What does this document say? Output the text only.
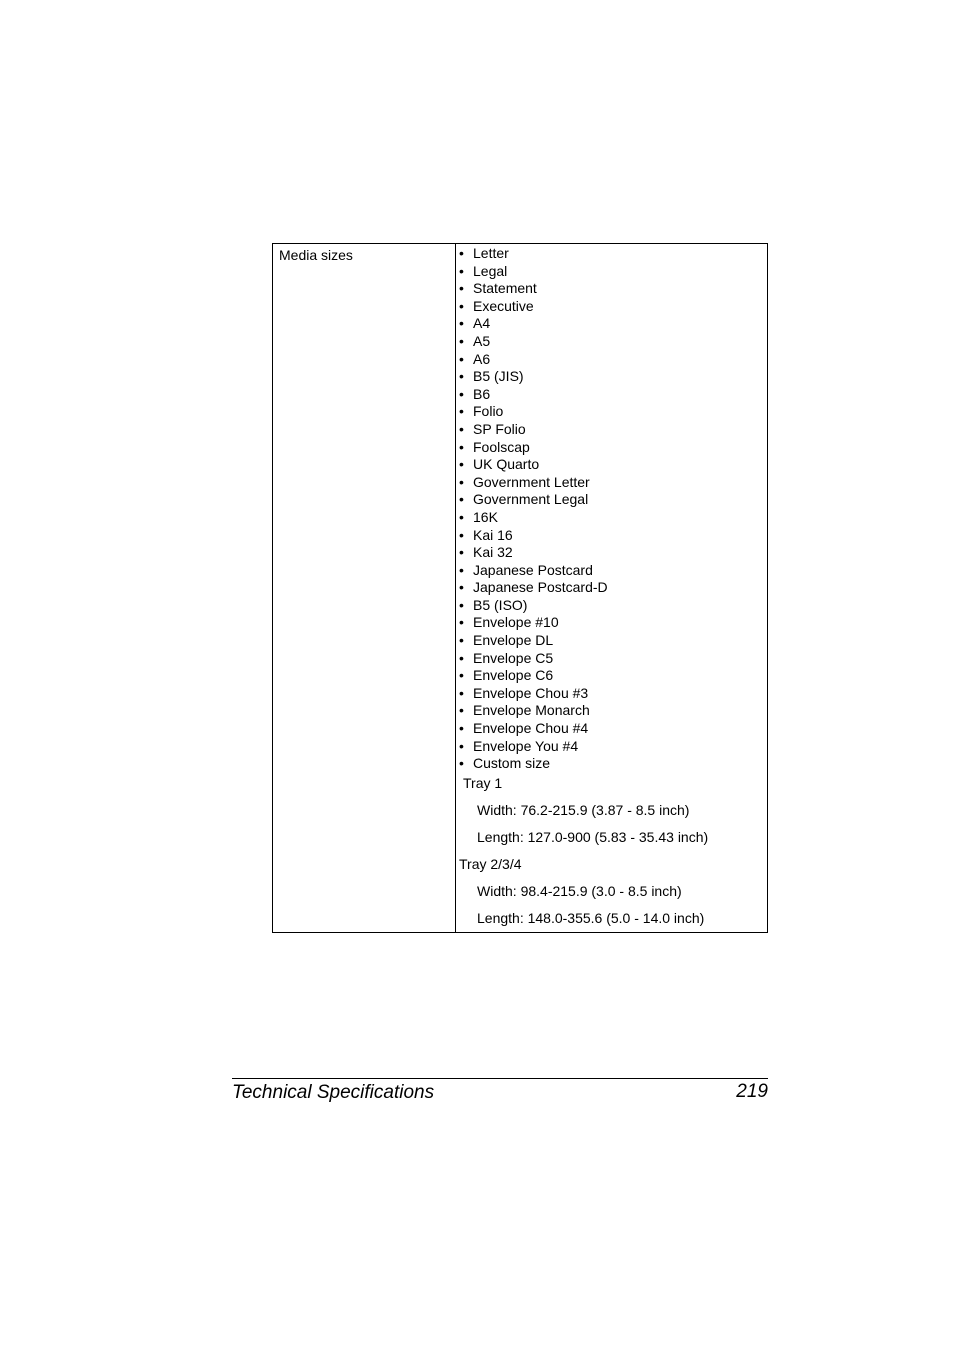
Media sizes	• Letter
• Legal
• Statement
• Executive
• A4
• A5
• A6
• B5 (JIS)
• B6
• Folio
• SP Folio
• Foolscap
• UK Quarto
• Government Letter
• Government Legal
• 16K
• Kai 16
• Kai 32
• Japanese Postcard
• Japanese Postcard-D
• B5 (ISO)
• Envelope #10
• Envelope DL
• Envelope C5
• Envelope C6
• Envelope Chou #3
• Envelope Monarch
• Envelope Chou #4
• Envelope You #4
• Custom size
Tray 1
Width: 76.2-215.9 (3.87 - 8.5 inch)
Length: 127.0-900 (5.83 - 35.43 inch)
Tray 2/3/4
Width: 98.4-215.9 (3.0 - 8.5 inch)
Length: 148.0-355.6 (5.0 - 14.0 inch)
Technical Specifications	219
